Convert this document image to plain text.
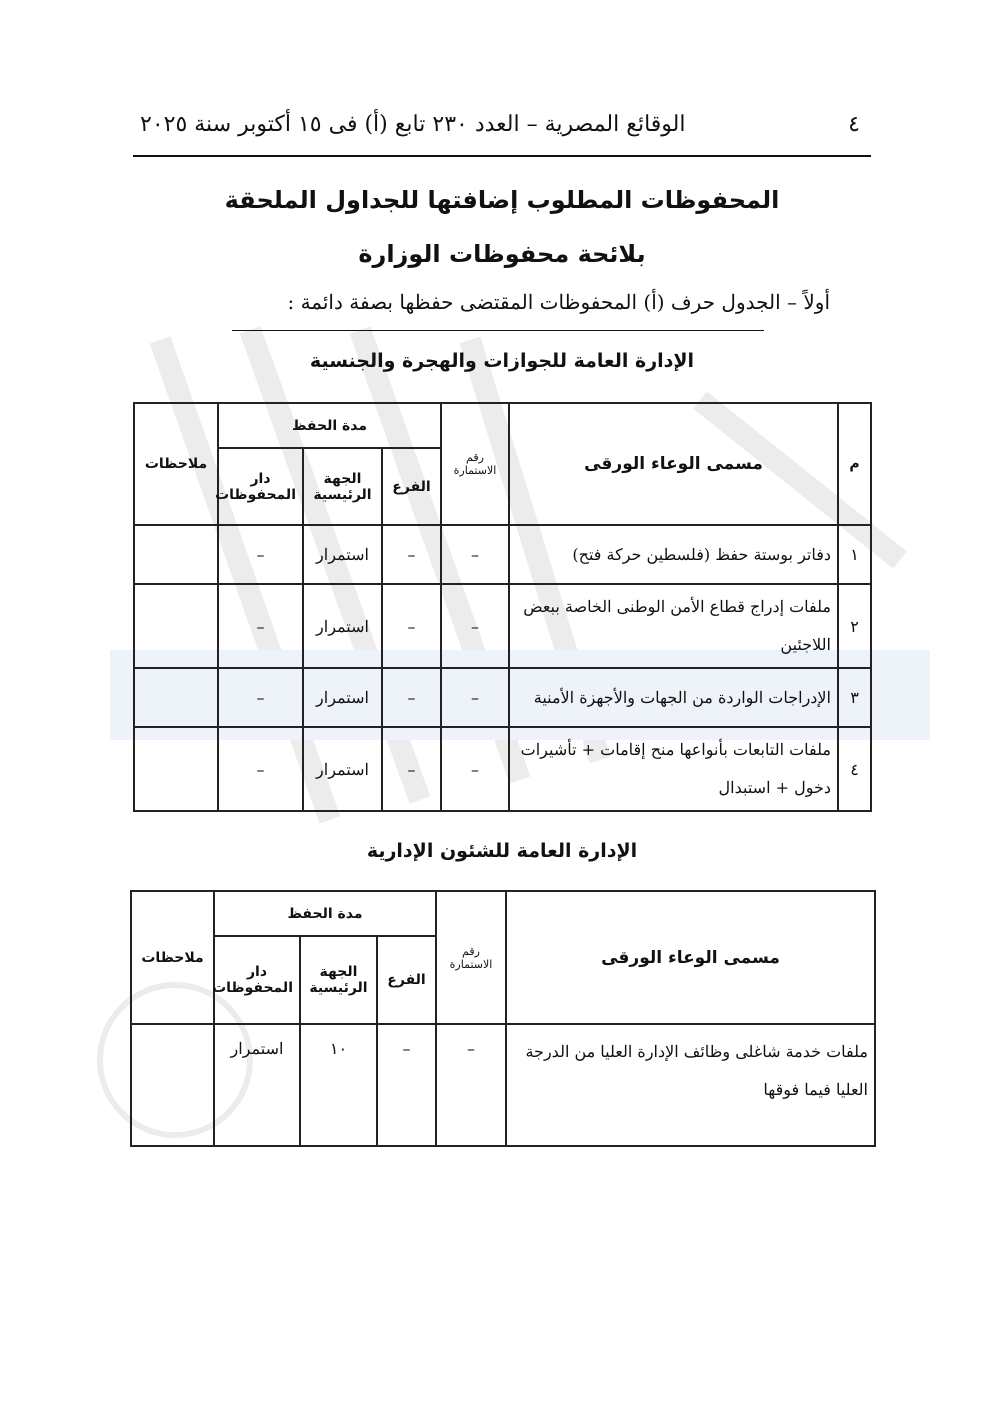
٤
الوقائع المصرية – العدد ٢٣٠ تابع (أ) فى ١٥ أكتوبر سنة ٢٠٢٥
المحفوظات المطلوب إضافتها للجداول الملحقة
بلائحة محفوظات الوزارة
أولاً – الجدول حرف (أ) المحفوظات المقتضى حفظها بصفة دائمة :
الإدارة العامة للجوازات والهجرة والجنسية
م	مسمى الوعاء الورقى	رقم الاستمارة	مدة الحفظ			ملاحظات
			الفرع	الجهة الرئيسية	دار المحفوظات	
١	دفاتر بوستة حفظ (فلسطين حركة فتح)	–	–	استمرار	–	
٢	ملفات إدراج قطاع الأمن الوطنى الخاصة ببعض اللاجئين	–	–	استمرار	–	
٣	الإدراجات الواردة من الجهات والأجهزة الأمنية	–	–	استمرار	–	
٤	ملفات التابعات بأنواعها منح إقامات + تأشيرات دخول + استبدال	–	–	استمرار	–	
الإدارة العامة للشئون الإدارية
مسمى الوعاء الورقى	رقم الاستمارة	مدة الحفظ			ملاحظات
		الفرع	الجهة الرئيسية	دار المحفوظات	
ملفات خدمة شاغلى وظائف الإدارة العليا من الدرجة العليا فيما فوقها	–	–	١٠	استمرار	
